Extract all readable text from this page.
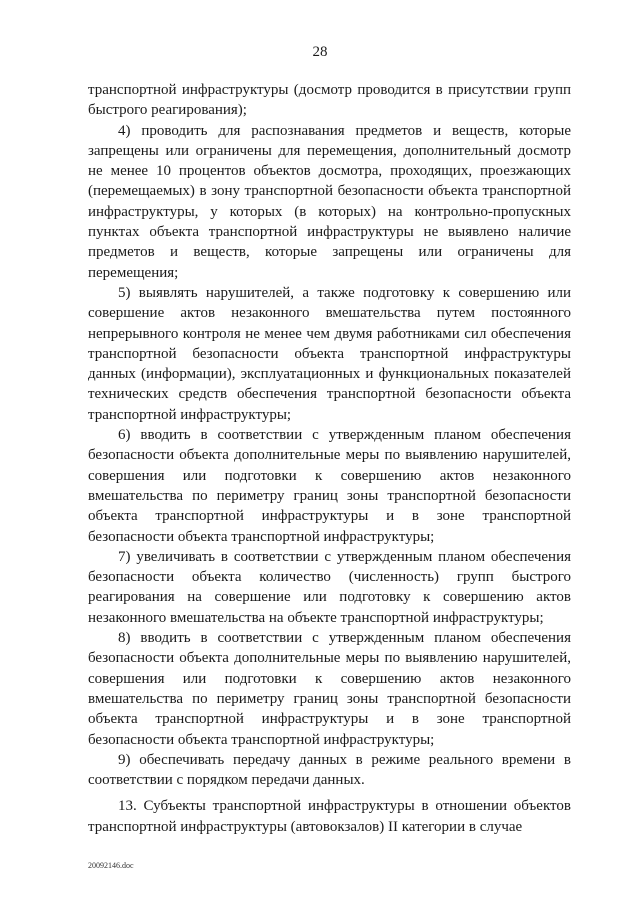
28

транспортной инфраструктуры (досмотр проводится в присутствии групп быстрого реагирования);

4) проводить для распознавания предметов и веществ, которые запрещены или ограничены для перемещения, дополнительный досмотр не менее 10 процентов объектов досмотра, проходящих, проезжающих (перемещаемых) в зону транспортной безопасности объекта транспортной инфраструктуры, у которых (в которых) на контрольно-пропускных пунктах объекта транспортной инфраструктуры не выявлено наличие предметов и веществ, которые запрещены или ограничены для перемещения;

5) выявлять нарушителей, а также подготовку к совершению или совершение актов незаконного вмешательства путем постоянного непрерывного контроля не менее чем двумя работниками сил обеспечения транспортной безопасности объекта транспортной инфраструктуры данных (информации), эксплуатационных и функциональных показателей технических средств обеспечения транспортной безопасности объекта транспортной инфраструктуры;

6) вводить в соответствии с утвержденным планом обеспечения безопасности объекта дополнительные меры по выявлению нарушителей, совершения или подготовки к совершению актов незаконного вмешательства по периметру границ зоны транспортной безопасности объекта транспортной инфраструктуры и в зоне транспортной безопасности объекта транспортной инфраструктуры;

7) увеличивать в соответствии с утвержденным планом обеспечения безопасности объекта количество (численность) групп быстрого реагирования на совершение или подготовку к совершению актов незаконного вмешательства на объекте транспортной инфраструктуры;

8) вводить в соответствии с утвержденным планом обеспечения безопасности объекта дополнительные меры по выявлению нарушителей, совершения или подготовки к совершению актов незаконного вмешательства по периметру границ зоны транспортной безопасности объекта транспортной инфраструктуры и в зоне транспортной безопасности объекта транспортной инфраструктуры;

9) обеспечивать передачу данных в режиме реального времени в соответствии с порядком передачи данных.

13. Субъекты транспортной инфраструктуры в отношении объектов транспортной инфраструктуры (автовокзалов) II категории в случае

20092146.doc
